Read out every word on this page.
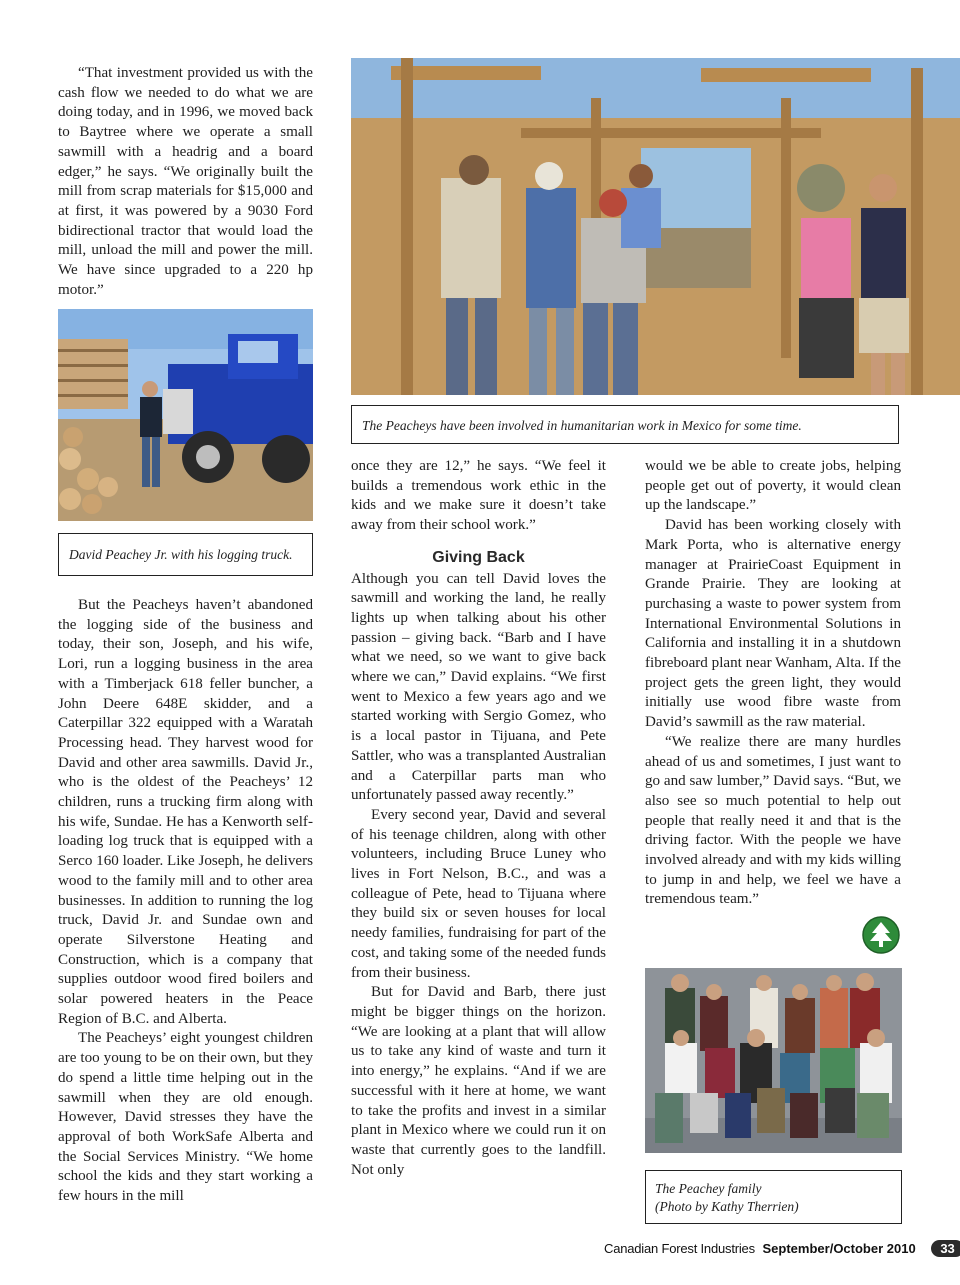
“That investment provided us with the cash flow we needed to do what we are doing today, and in 1996, we moved back to Baytree where we operate a small sawmill with a headrig and a board edger,” he says. “We originally built the mill from scrap materials for $15,000 and at first, it was powered by a 9030 Ford bidirectional tractor that would load the mill, unload the mill and power the mill. We have since upgraded to a 220 hp motor.”

David Peachey Jr. with his logging truck.

But the Peacheys haven’t abandoned the logging side of the business and today, their son, Joseph, and his wife, Lori, run a logging business in the area with a Timberjack 618 feller buncher, a John Deere 648E skidder, and a Caterpillar 322 equipped with a Waratah Processing head. They harvest wood for David and other area sawmills. David Jr., who is the oldest of the Peacheys’ 12 children, runs a trucking firm along with his wife, Sundae. He has a Kenworth self-loading log truck that is equipped with a Serco 160 loader. Like Joseph, he delivers wood to the family mill and to other area businesses. In addition to running the log truck, David Jr. and Sundae own and operate Silverstone Heating and Construction, which is a company that supplies outdoor wood fired boilers and solar powered heaters in the Peace Region of B.C. and Alberta.

The Peacheys’ eight youngest children are too young to be on their own, but they do spend a little time helping out in the sawmill when they are old enough. However, David stresses they have the approval of both WorkSafe Alberta and the Social Services Ministry. “We home school the kids and they start working a few hours in the mill

The Peacheys have been involved in humanitarian work in Mexico for some time.

once they are 12,” he says. “We feel it builds a tremendous work ethic in the kids and we make sure it doesn’t take away from their school work.”

Giving Back

Although you can tell David loves the sawmill and working the land, he really lights up when talking about his other passion – giving back. “Barb and I have what we need, so we want to give back where we can,” David explains. “We first went to Mexico a few years ago and we started working with Sergio Gomez, who is a local pastor in Tijuana, and Pete Sattler, who was a transplanted Australian and a Caterpillar parts man who unfortunately passed away recently.”

Every second year, David and several of his teenage children, along with other volunteers, including Bruce Luney who lives in Fort Nelson, B.C., and was a colleague of Pete, head to Tijuana where they build six or seven houses for local needy families, fundraising for part of the cost, and taking some of the needed funds from their business.

But for David and Barb, there just might be bigger things on the horizon. “We are looking at a plant that will allow us to take any kind of waste and turn it into energy,” he explains. “And if we are successful with it here at home, we want to take the profits and invest in a similar plant in Mexico where we could run it on waste that currently goes to the landfill. Not only

would we be able to create jobs, helping people get out of poverty, it would clean up the landscape.”

David has been working closely with Mark Porta, who is alternative energy manager at PrairieCoast Equipment in Grande Prairie. They are looking at purchasing a waste to power system from International Environmental Solutions in California and installing it in a shutdown fibreboard plant near Wanham, Alta. If the project gets the green light, they would initially use wood fibre waste from David’s sawmill as the raw material.

“We realize there are many hurdles ahead of us and sometimes, I just want to go and saw lumber,” David says. “But, we also see so much potential to help out people that really need it and that is the driving factor. With the people we have involved already and with my kids willing to jump in and help, we feel we have a tremendous team.”

The Peachey family
(Photo by Kathy Therrien)
Canadian Forest Industries September/October 2010 33
